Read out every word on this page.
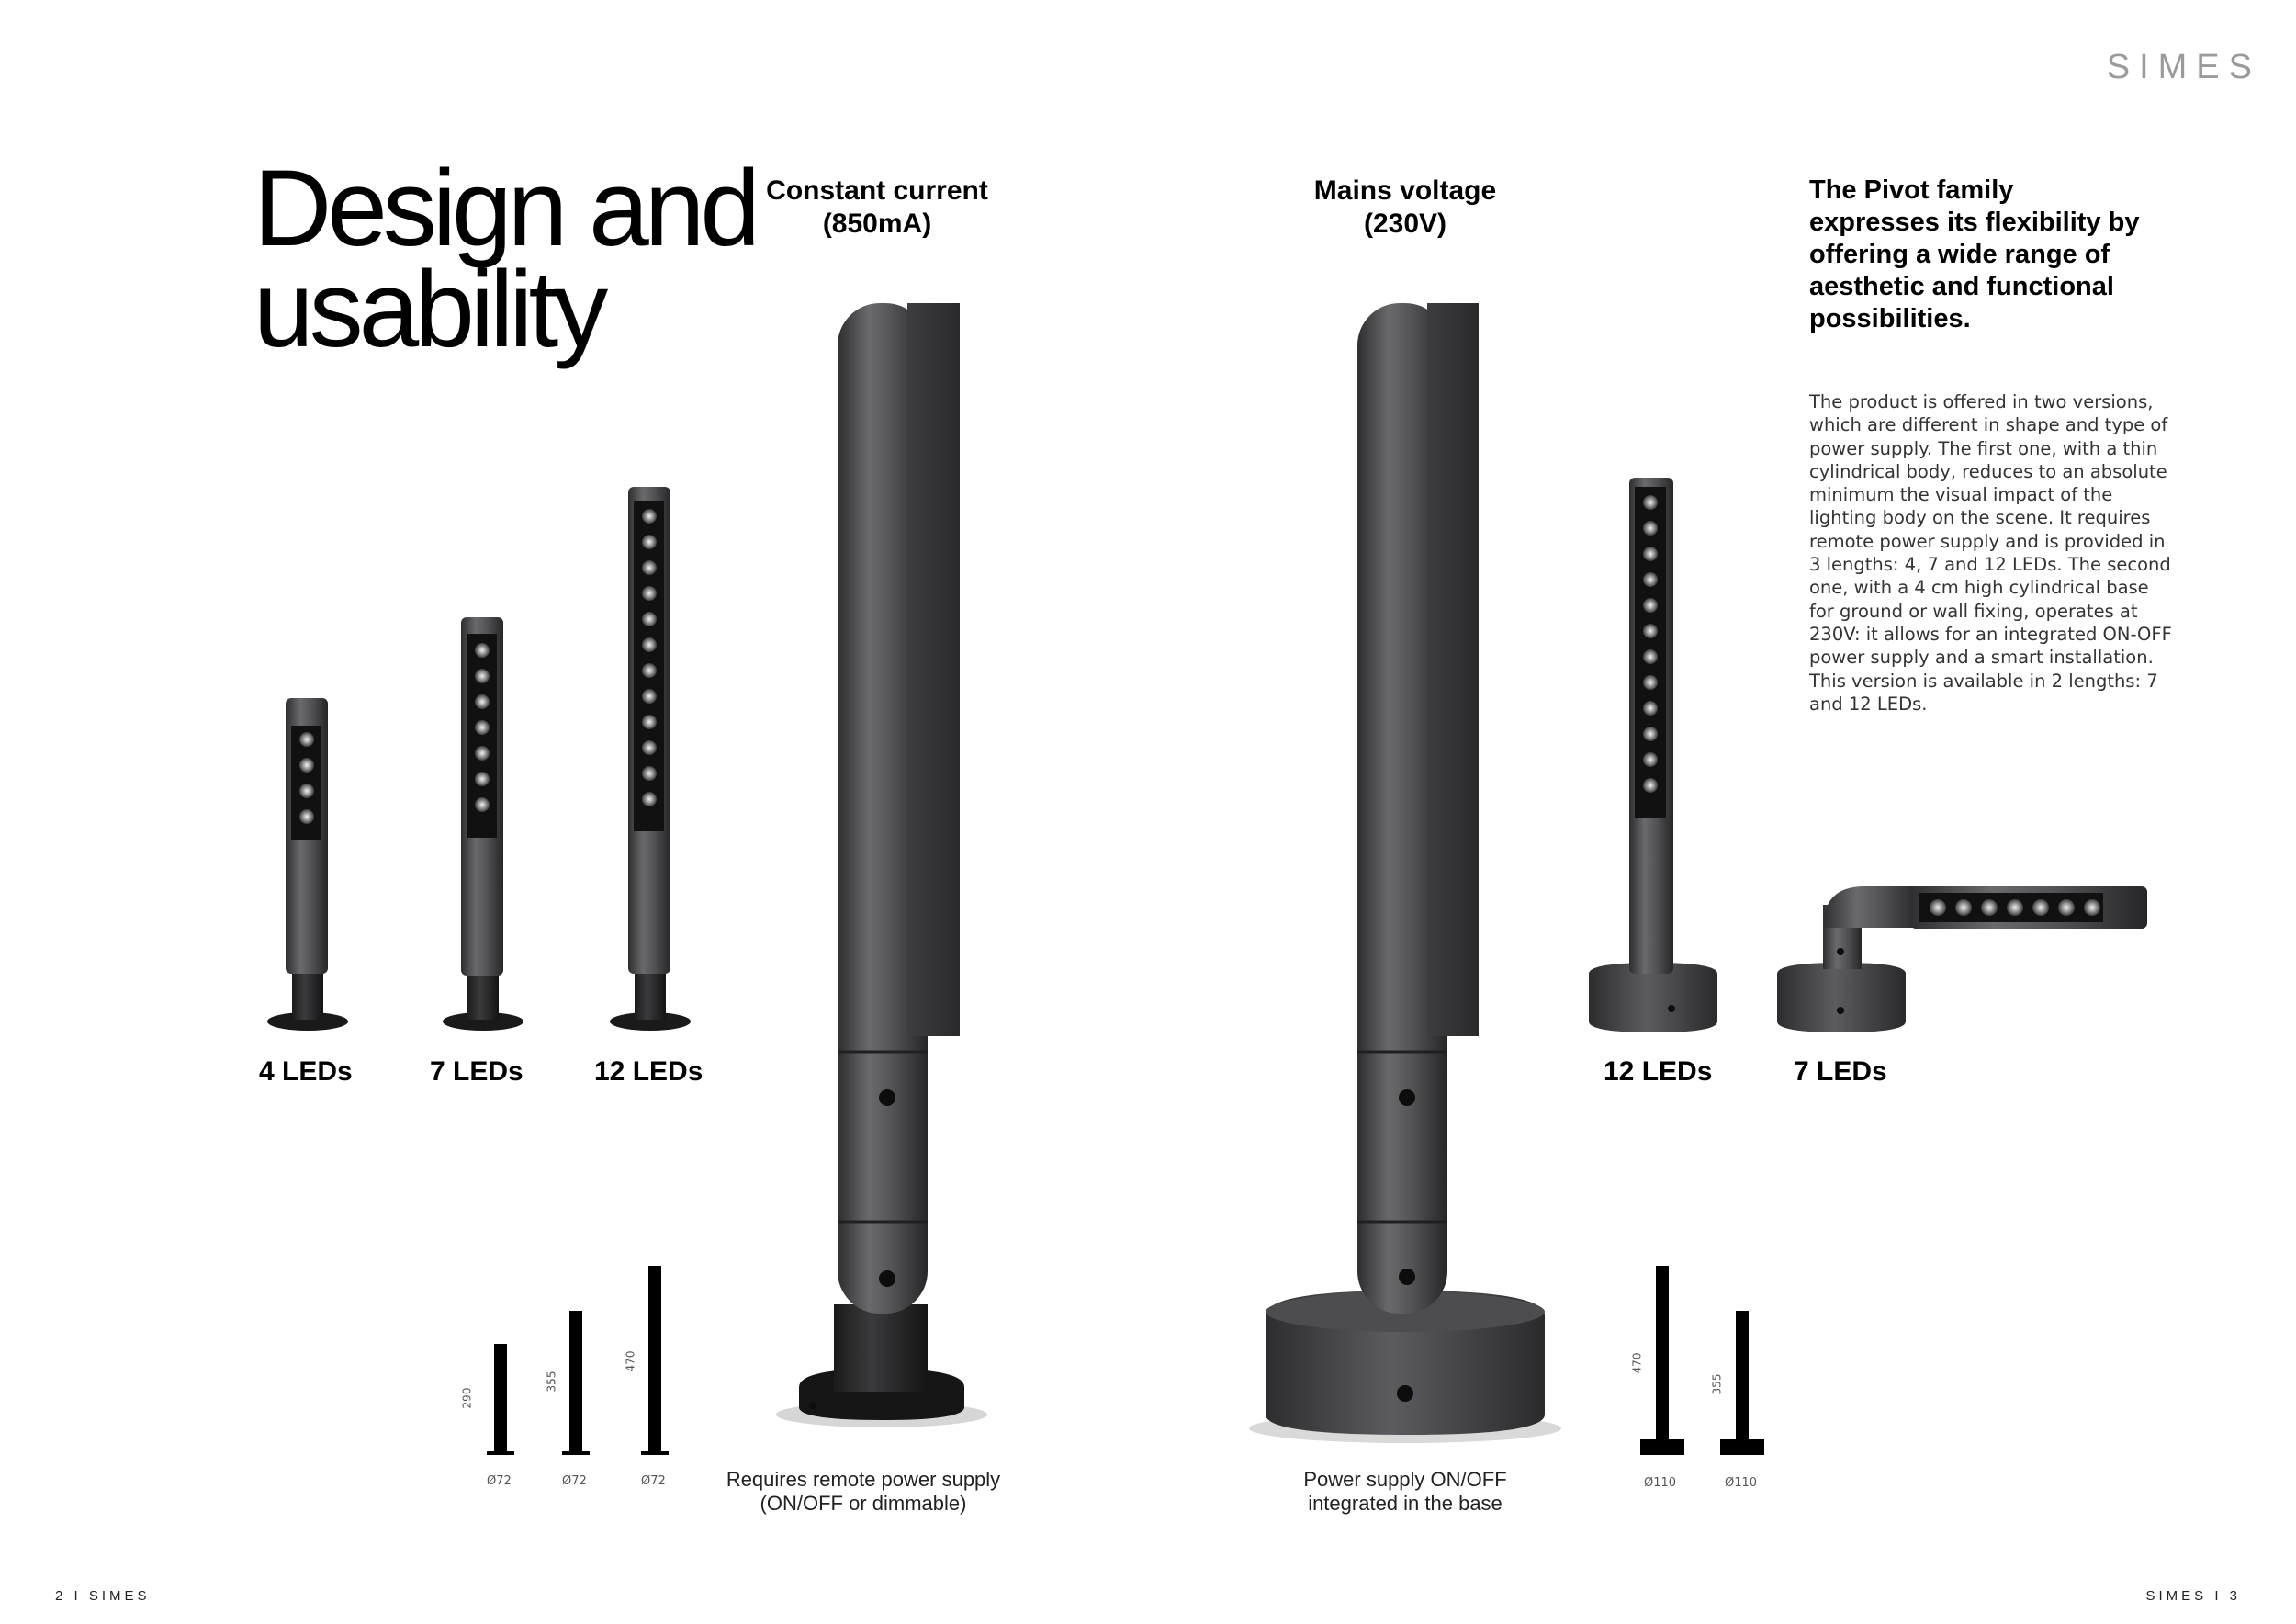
SIMES
Design and
usability
Constant current
(850mA)
Mains voltage
(230V)
The Pivot family expresses its flexibility by offering a wide range of aesthetic and functional possibilities.
The product is offered in two versions, which are different in shape and type of power supply. The first one, with a thin cylindrical body, reduces to an absolute minimum the visual impact of the lighting body on the scene. It requires remote power supply and is provided in 3 lengths: 4, 7 and 12 LEDs. The second one, with a 4 cm high cylindrical base for ground or wall fixing, operates at 230V: it allows for an integrated ON-OFF power supply and a smart installation. This version is available in 2 lengths: 7 and 12 LEDs.
4 LEDs	7 LEDs	12 LEDs	12 LEDs	7 LEDs
290
355
470	470
355
Ø72	Ø72	Ø72	Ø110	Ø110
Requires remote power supply
(ON/OFF or dimmable)
Power supply ON/OFF
integrated in the base
2 I SIMES	SIMES I 3
